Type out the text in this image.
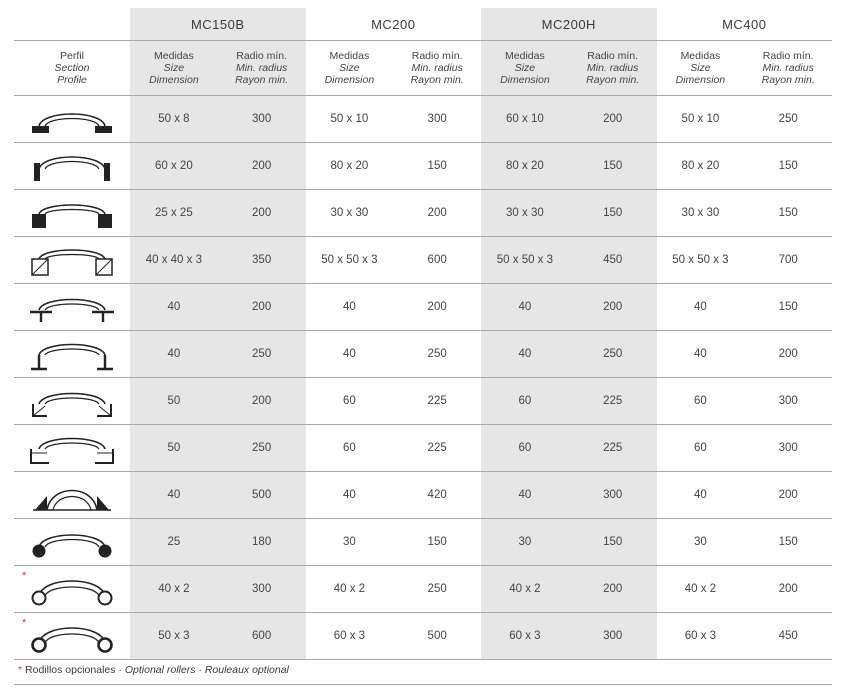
	MC150B		MC200		MC200H		MC400	

Perfil
Section
Profile	Medidas
Size
Dimension	Radio mín.
Min. radius
Rayon min.	Medidas
Size
Dimension	Radio mín.
Min. radius
Rayon min.	Medidas
Size
Dimension	Radio mín.
Min. radius
Rayon min.	Medidas
Size
Dimension	Radio mín.
Min. radius
Rayon min.

	50 x 8	300	50 x 10	300	60 x 10	200	50 x 10	250

	60 x 20	200	80 x 20	150	80 x 20	150	80 x 20	150

	25 x 25	200	30 x 30	200	30 x 30	150	30 x 30	150

	40 x 40 x 3	350	50 x 50 x 3	600	50 x 50 x 3	450	50 x 50 x 3	700

	40	200	40	200	40	200	40	150

	40	250	40	250	40	250	40	200

	50	200	60	225	60	225	60	300

	50	250	60	225	60	225	60	300

	40	500	40	420	40	300	40	200

	25	180	30	150	30	150	30	150

*	40 x 2	300	40 x 2	250	40 x 2	200	40 x 2	200

*	50 x 3	600	60 x 3	500	60 x 3	300	60 x 3	450
* Rodillos opcionales · Optional rollers · Rouleaux optional
